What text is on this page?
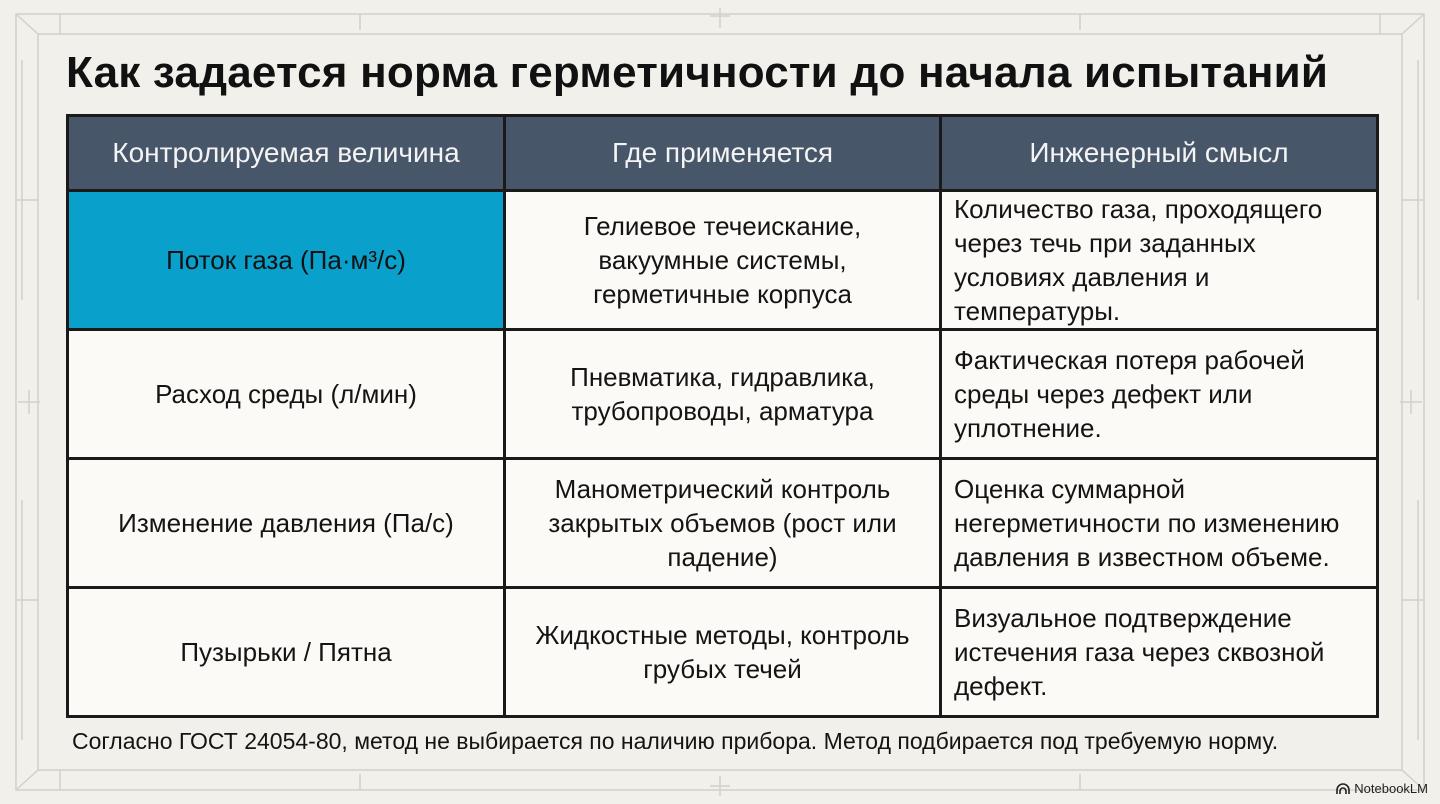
Как задается норма герметичности до начала испытаний
Контролируемая величина	Где применяется	Инженерный смысл
Поток газа (Па·м³/с)	Гелиевое течеискание, вакуумные системы, герметичные корпуса	Количество газа, проходящего через течь при заданных условиях давления и температуры.
Расход среды (л/мин)	Пневматика, гидравлика, трубопроводы, арматура	Фактическая потеря рабочей среды через дефект или уплотнение.
Изменение давления (Па/с)	Манометрический контроль закрытых объемов (рост или падение)	Оценка суммарной негерметичности по изменению давления в известном объеме.
Пузырьки / Пятна	Жидкостные методы, контроль грубых течей	Визуальное подтверждение истечения газа через сквозной дефект.

Согласно ГОСТ 24054-80, метод не выбирается по наличию прибора. Метод подбирается под требуемую норму.

NotebookLM
